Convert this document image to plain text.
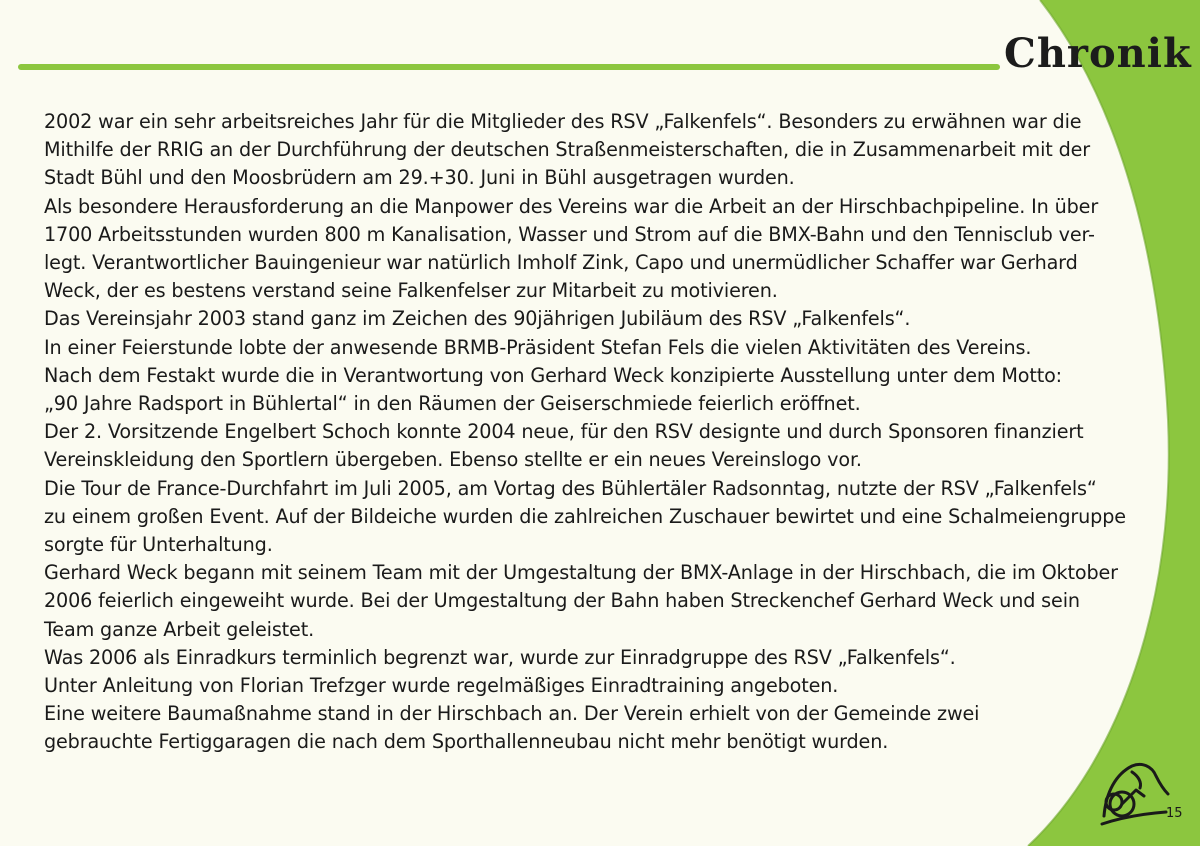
Chronik
2002 war ein sehr arbeitsreiches Jahr für die Mitglieder des RSV „Falkenfels“. Besonders zu erwähnen war die
Mithilfe der RRIG an der Durchführung der deutschen Straßenmeisterschaften, die in Zusammenarbeit mit der
Stadt Bühl und den Moosbrüdern am 29.+30. Juni in Bühl ausgetragen wurden.
Als besondere Herausforderung an die Manpower des Vereins war die Arbeit an der Hirschbachpipeline. In über
1700 Arbeitsstunden wurden 800 m Kanalisation, Wasser und Strom auf die BMX-Bahn und den Tennisclub ver-
legt. Verantwortlicher Bauingenieur war natürlich Imholf Zink, Capo und unermüdlicher Schaffer war Gerhard
Weck, der es bestens verstand seine Falkenfelser zur Mitarbeit zu motivieren.
Das Vereinsjahr 2003 stand ganz im Zeichen des 90jährigen Jubiläum des RSV „Falkenfels“.
In einer Feierstunde lobte der anwesende BRMB-Präsident Stefan Fels die vielen Aktivitäten des Vereins.
Nach dem Festakt wurde die in Verantwortung von Gerhard Weck konzipierte Ausstellung unter dem Motto:
„90 Jahre Radsport in Bühlertal“ in den Räumen der Geiserschmiede feierlich eröffnet.
Der 2. Vorsitzende Engelbert Schoch konnte 2004 neue, für den RSV designte und durch Sponsoren finanziert
Vereinskleidung den Sportlern übergeben. Ebenso stellte er ein neues Vereinslogo vor.
Die Tour de France-Durchfahrt im Juli 2005, am Vortag des Bühlertäler Radsonntag, nutzte der RSV „Falkenfels“
zu einem großen Event. Auf der Bildeiche wurden die zahlreichen Zuschauer bewirtet und eine Schalmeiengruppe
sorgte für Unterhaltung.
Gerhard Weck begann mit seinem Team mit der Umgestaltung der BMX-Anlage in der Hirschbach, die im Oktober
2006 feierlich eingeweiht wurde. Bei der Umgestaltung der Bahn haben Streckenchef Gerhard Weck und sein
Team ganze Arbeit geleistet.
Was 2006 als Einradkurs terminlich begrenzt war, wurde zur Einradgruppe des RSV „Falkenfels“.
Unter Anleitung von Florian Trefzger wurde regelmäßiges Einradtraining angeboten.
Eine weitere Baumaßnahme stand in der Hirschbach an. Der Verein erhielt von der Gemeinde zwei
gebrauchte Fertiggaragen die nach dem Sporthallenneubau nicht mehr benötigt wurden.
15
